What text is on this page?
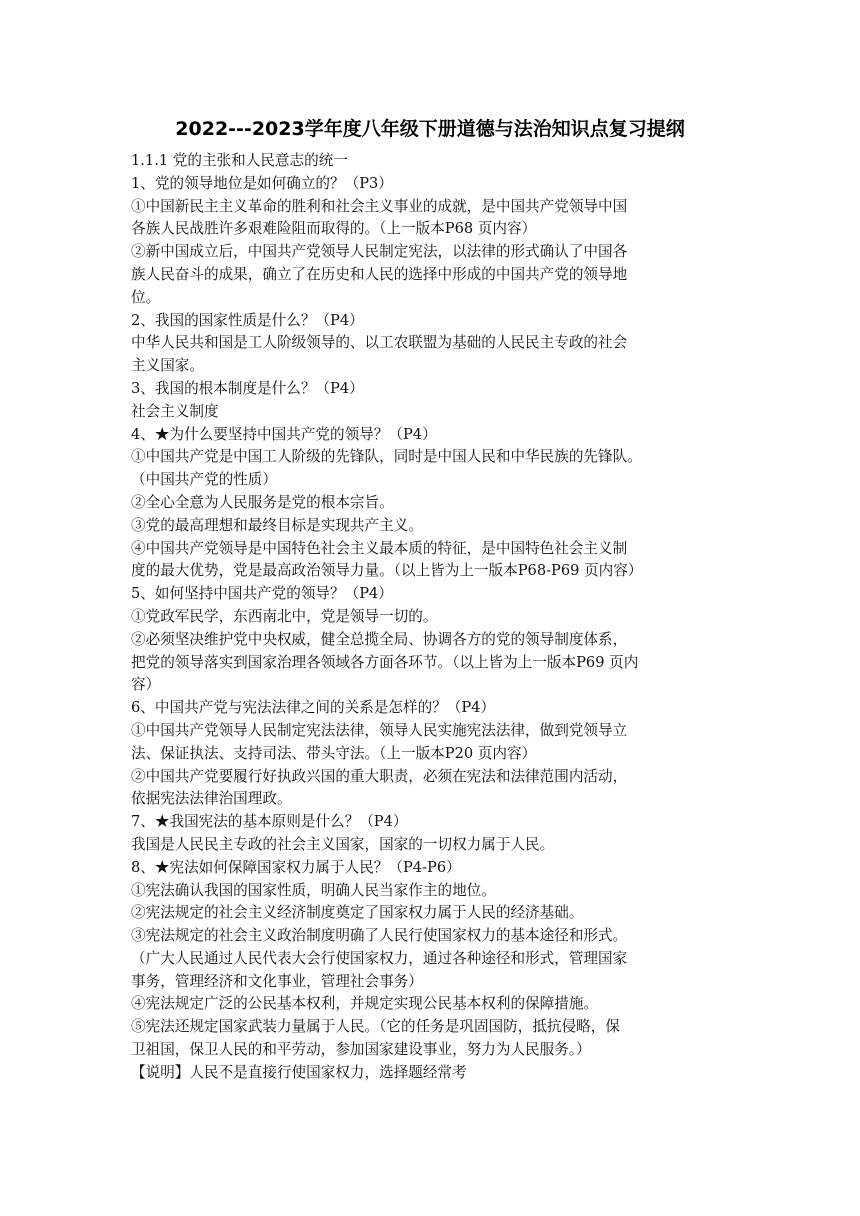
2022---2023学年度八年级下册道德与法治知识点复习提纲
1.1.1 党的主张和人民意志的统一
1、党的领导地位是如何确立的？（P3）
①中国新民主主义革命的胜利和社会主义事业的成就，是中国共产党领导中国
各族人民战胜许多艰难险阻而取得的。（上一版本P68 页内容）
②新中国成立后，中国共产党领导人民制定宪法，以法律的形式确认了中国各
族人民奋斗的成果，确立了在历史和人民的选择中形成的中国共产党的领导地
位。
2、我国的国家性质是什么？（P4）
中华人民共和国是工人阶级领导的、以工农联盟为基础的人民民主专政的社会
主义国家。
3、我国的根本制度是什么？（P4）
社会主义制度
4、★为什么要坚持中国共产党的领导？（P4）
①中国共产党是中国工人阶级的先锋队，同时是中国人民和中华民族的先锋队。
（中国共产党的性质）
②全心全意为人民服务是党的根本宗旨。
③党的最高理想和最终目标是实现共产主义。
④中国共产党领导是中国特色社会主义最本质的特征，是中国特色社会主义制
度的最大优势，党是最高政治领导力量。（以上皆为上一版本P68-P69 页内容）
5、如何坚持中国共产党的领导？（P4）
①党政军民学，东西南北中，党是领导一切的。
②必须坚决维护党中央权威，健全总揽全局、协调各方的党的领导制度体系，
把党的领导落实到国家治理各领域各方面各环节。（以上皆为上一版本P69 页内
容）
6、中国共产党与宪法法律之间的关系是怎样的？（P4）
①中国共产党领导人民制定宪法法律，领导人民实施宪法法律，做到党领导立
法、保证执法、支持司法、带头守法。（上一版本P20 页内容）
②中国共产党要履行好执政兴国的重大职责，必须在宪法和法律范围内活动，
依据宪法法律治国理政。
7、★我国宪法的基本原则是什么？（P4）
我国是人民民主专政的社会主义国家，国家的一切权力属于人民。
8、★宪法如何保障国家权力属于人民？（P4-P6）
①宪法确认我国的国家性质，明确人民当家作主的地位。
②宪法规定的社会主义经济制度奠定了国家权力属于人民的经济基础。
③宪法规定的社会主义政治制度明确了人民行使国家权力的基本途径和形式。
（广大人民通过人民代表大会行使国家权力，通过各种途径和形式，管理国家
事务，管理经济和文化事业，管理社会事务）
④宪法规定广泛的公民基本权利，并规定实现公民基本权利的保障措施。
⑤宪法还规定国家武装力量属于人民。（它的任务是巩固国防，抵抗侵略，保
卫祖国，保卫人民的和平劳动，参加国家建设事业，努力为人民服务。）
【说明】人民不是直接行使国家权力，选择题经常考
